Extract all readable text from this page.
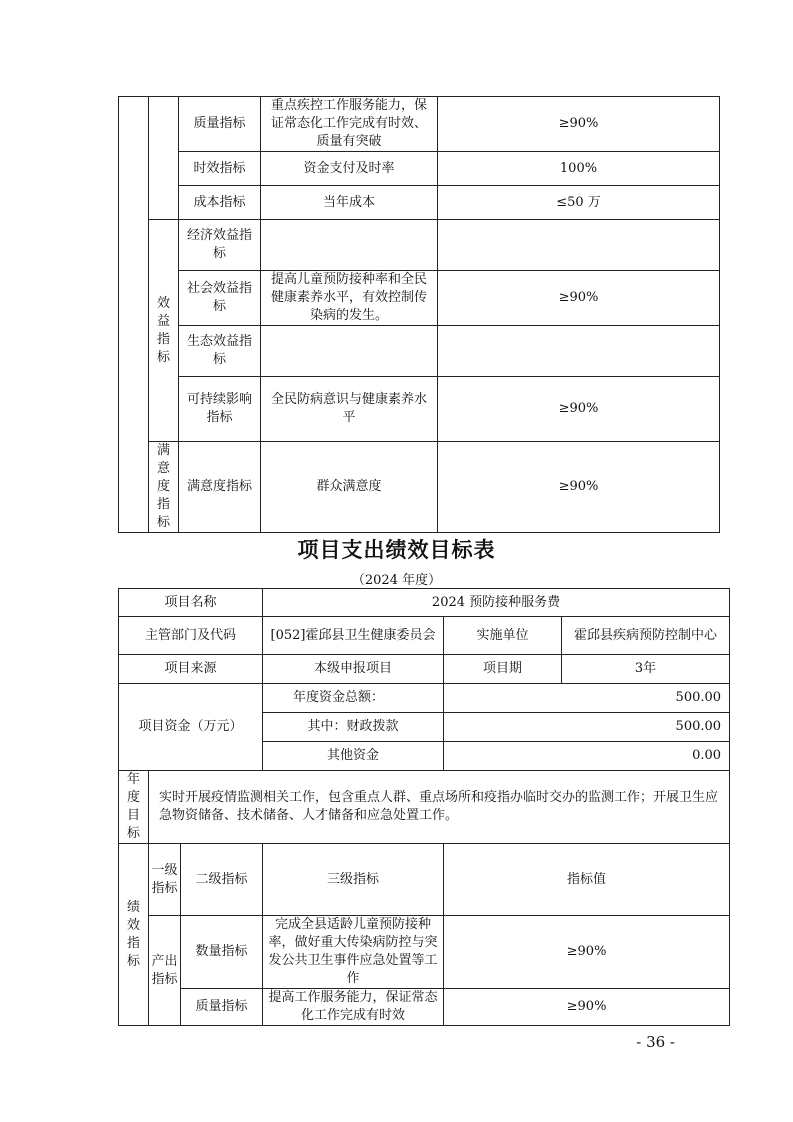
		质量指标	重点疾控工作服务能力，保证常态化工作完成有时效、质量有突破	≥90%
		时效指标	资金支付及时率	100%
		成本指标	当年成本	≤50 万
	效益指标	经济效益指标		
		社会效益指标	提高儿童预防接种率和全民健康素养水平，有效控制传染病的发生。	≥90%
		生态效益指标		
		可持续影响指标	全民防病意识与健康素养水平	≥90%
	满意度指标	满意度指标	群众满意度	≥90%
项目支出绩效目标表
（2024 年度）
项目名称			2024 预防接种服务费		
主管部门及代码			[052]霍邱县卫生健康委员会	实施单位	霍邱县疾病预防控制中心
项目来源			本级申报项目	项目期	3年
项目资金（万元）			年度资金总额：	500.00	
			其中：财政拨款	500.00	
			其他资金	0.00	
年度目标	实时开展疫情监测相关工作，包含重点人群、重点场所和疫指办临时交办的监测工作；开展卫生应急物资储备、技术储备、人才储备和应急处置工作。				
绩效指标	一级指标	二级指标	三级指标	指标值	
	产出指标	数量指标	完成全县适龄儿童预防接种率，做好重大传染病防控与突发公共卫生事件应急处置等工作	≥90%	
		质量指标	提高工作服务能力，保证常态化工作完成有时效	≥90%	
- 36 -
